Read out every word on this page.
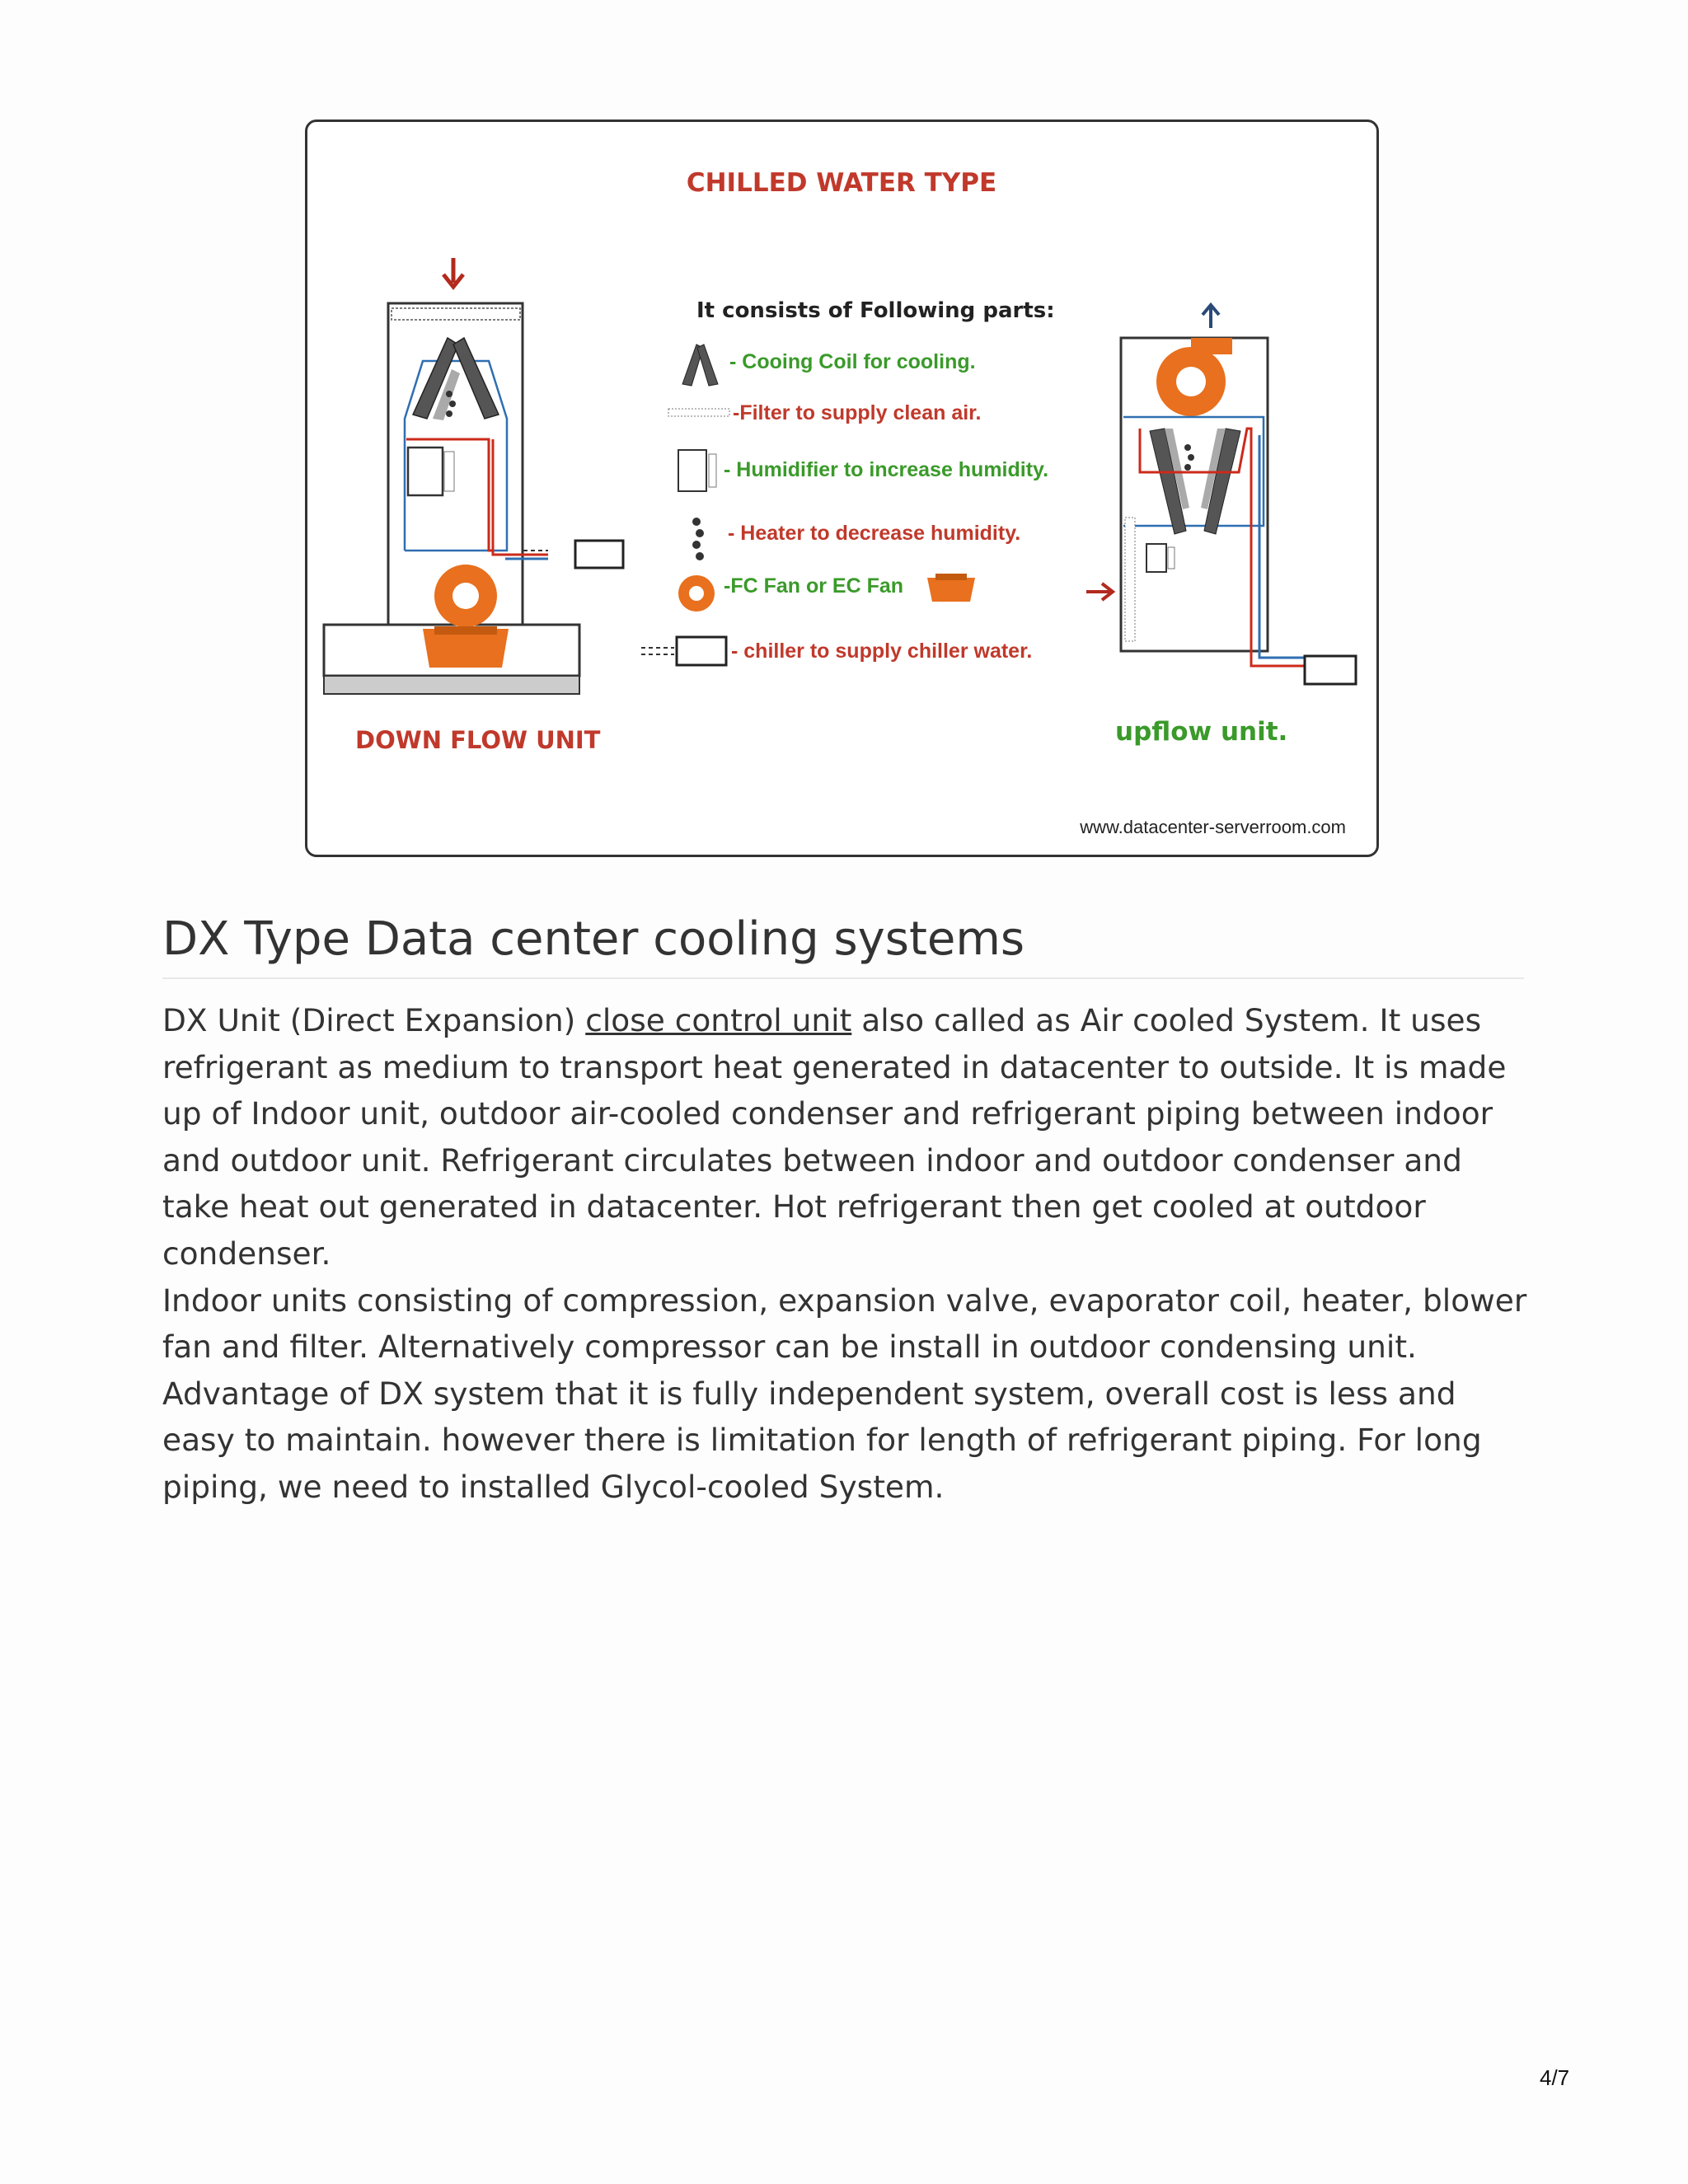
CHILLED WATER TYPE
DOWN FLOW UNIT
It consists of Following parts:
- Cooing Coil for cooling.
-Filter to supply clean air.
- Humidifier to increase humidity.
- Heater to decrease humidity.
-FC Fan or EC Fan
- chiller to supply chiller water.
upflow unit.
www.datacenter-serverroom.com
DX Type Data center cooling systems

DX Unit (Direct Expansion) close control unit also called as Air cooled System. It uses refrigerant as medium to transport heat generated in datacenter to outside. It is made up of Indoor unit, outdoor air-cooled condenser and refrigerant piping between indoor and outdoor unit. Refrigerant circulates between indoor and outdoor condenser and take heat out generated in datacenter. Hot refrigerant then get cooled at outdoor condenser.
Indoor units consisting of compression, expansion valve, evaporator coil, heater, blower fan and filter. Alternatively compressor can be install in outdoor condensing unit. Advantage of DX system that it is fully independent system, overall cost is less and easy to maintain. however there is limitation for length of refrigerant piping. For long piping, we need to installed Glycol-cooled System.

4/7
